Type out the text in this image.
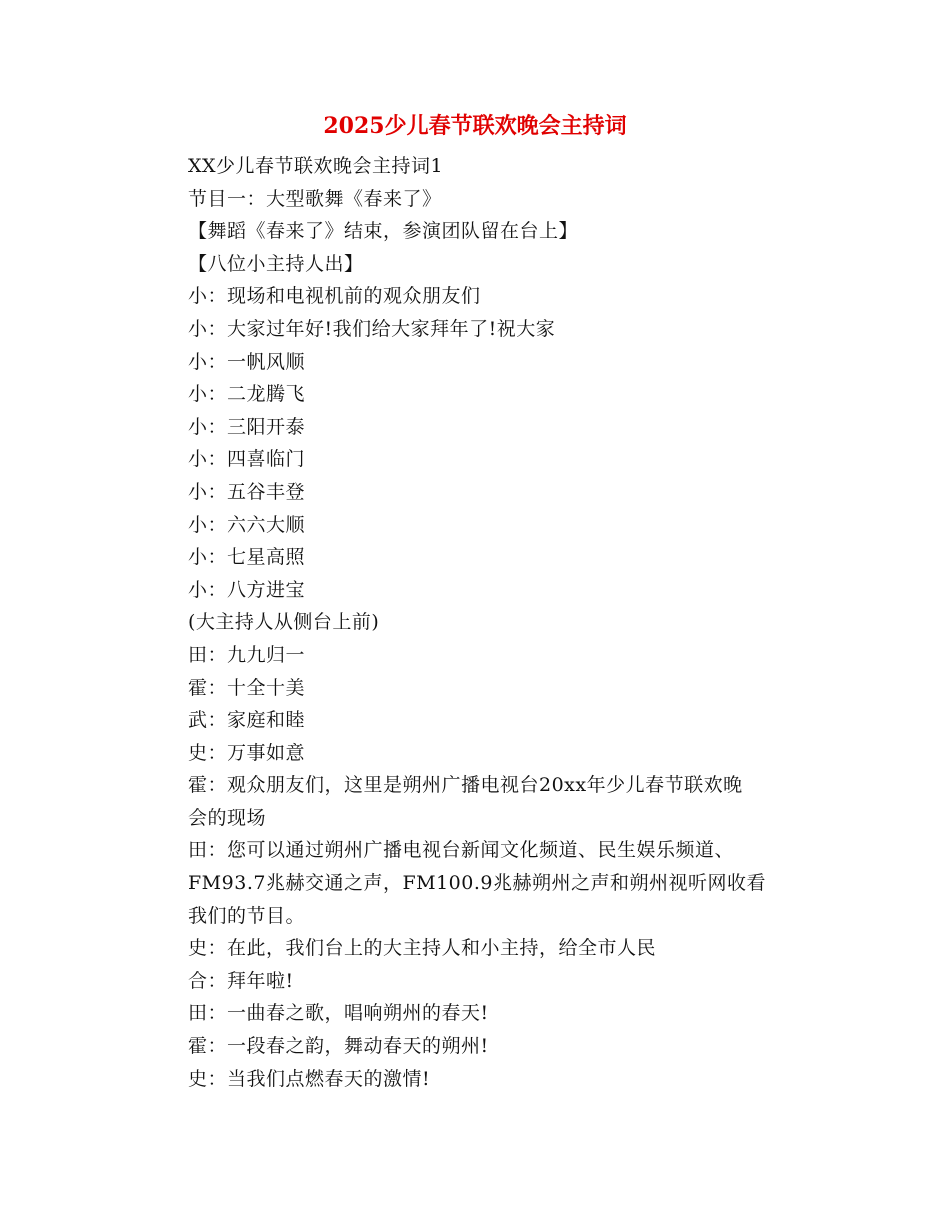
2025少儿春节联欢晚会主持词

XX少儿春节联欢晚会主持词1

节目一：大型歌舞《春来了》

【舞蹈《春来了》结束，参演团队留在台上】

【八位小主持人出】

小：现场和电视机前的观众朋友们

小：大家过年好!我们给大家拜年了!祝大家

小：一帆风顺

小：二龙腾飞

小：三阳开泰

小：四喜临门

小：五谷丰登

小：六六大顺

小：七星高照

小：八方进宝

(大主持人从侧台上前)

田：九九归一

霍：十全十美

武：家庭和睦

史：万事如意

霍：观众朋友们，这里是朔州广播电视台20xx年少儿春节联欢晚
会的现场

田：您可以通过朔州广播电视台新闻文化频道、民生娱乐频道、
FM93.7兆赫交通之声，FM100.9兆赫朔州之声和朔州视听网收看
我们的节目。

史：在此，我们台上的大主持人和小主持，给全市人民

合：拜年啦!

田：一曲春之歌，唱响朔州的春天!

霍：一段春之韵，舞动春天的朔州!

史：当我们点燃春天的激情!
